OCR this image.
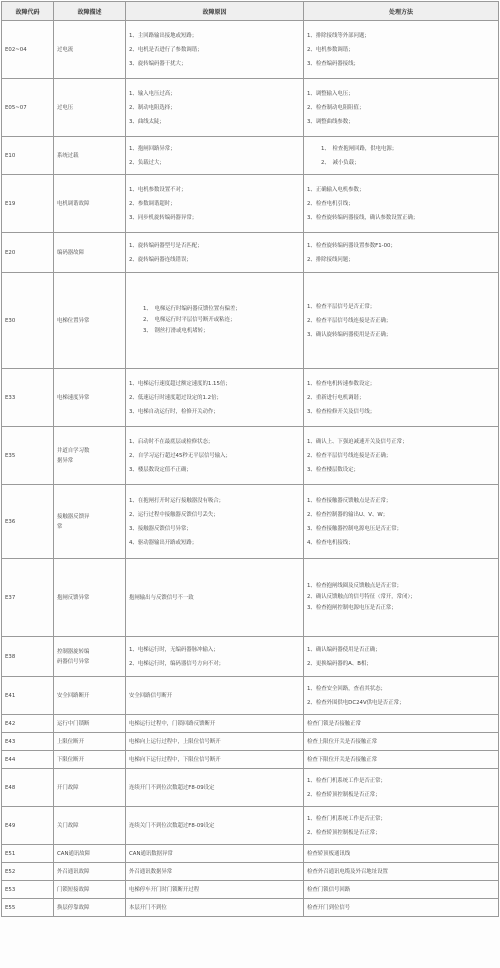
故障代码	故障描述	故障原因	处理方法
E02~04	过电流	1、主回路输出接地或短路；
2、电机是否进行了参数调谐；
3、旋转编码器干扰大；	1、排除接线等外部问题；
2、电机参数调谐；
3、检查编码器接线；

E05~07	过电压	1、输入电压过高；
2、制动电阻选择；
3、曲线太陡；	1、调整输入电压；
2、检查制动电阻阻值；
3、调整曲线参数；

E10	系统过载	1、抱闸回路异常；
2、负载过大；	1、　检查抱闸回路，供电电源；
2、　减小负载；

E19	电机调谐故障	1、电机参数设置不对；
2、参数调谐超时；
3、同步机旋转编码器异常；	1、正确输入电机参数；
2、检查电机引线；
3、检查旋转编码器接线，确认参数设置正确；

E20	编码器故障	1、旋转编码器型号是否匹配；
2、旋转编码器连线错误；	1、检查旋转编码器设置参数F1-00；
2、排除接线问题；

E30	电梯位置异常	1、　电梯运行时编码器反馈位置有偏差；
2、　电梯运行时平层信号断开或粘连；
3、　钢丝打滑或电机堵转；	1、检查平层信号是否正常；
2、检查平层信号线连接是否正确；
3、确认旋转编码器使用是否正确；

E33	电梯速度异常	1、电梯运行速度超过额定速度的1.15倍；
2、低速运行时速度超过设定的1.2倍；
3、电梯自动运行时，检修开关动作；	1、检查电机转速参数设定；
2、重新进行电机调谐；
3、检查检修开关及信号线；

E35	井道自学习数
据异常	1、启动时不在最底层或检修状态；
2、自学习运行超过45秒无平层信号输入；
3、楼层数设定值不正确；	1、确认上、下强迫减速开关及信号正常；
2、检查平层信号线连接是否正确；
3、检查楼层数设定；

E36	接触器反馈异
常	1、在抱闸打开时运行接触器没有吸合；
2、运行过程中接触器反馈信号丢失；
3、接触器反馈信号异常；
4、驱动器输出开路或短路；	1、检查接触器反馈触点是否正常；
2、检查控制器的输出U、V、W；
3、检查接触器控制电源电压是否正常；
4、检查电机接线；

E37	抱闸反馈异常	抱闸输出与反馈信号不一致	1、检查抱闸线圈及反馈触点是否正常；
2、确认反馈触点的信号特征（常开，常闭）；
3、检查抱闸控制电源电压是否正常；

E38	控制器旋转编
码器信号异常	1、电梯运行时，无编码器脉冲输入；
2、电梯运行时，编码器信号方向不对；	1、确认编码器使用是否正确；
2、更换编码器的A、B相；

E41	安全回路断开	安全回路信号断开	1、检查安全回路，查看其状态；
2、检查外围供电DC24V供电是否正常；

E42	运行中门锁断	电梯运行过程中，门锁回路反馈断开	检查门锁是否接触正常

E43	上限位断开	电梯向上运行过程中，上限位信号断开	检查上限位开关是否接触正常

E44	下限位断开	电梯向下运行过程中，下限位信号断开	检查下限位开关是否接触正常

E48	开门故障	连续开门不到位次数超过F8-09设定	1、检查门机系统工作是否正常；
2、检查轿顶控制板是否正常；

E49	关门故障	连续关门不到位次数超过F8-09设定	1、检查门机系统工作是否正常；
2、检查轿顶控制板是否正常；

E51	CAN通讯故障	CAN通讯数据异常	检查轿顶板通讯线

E52	外召通讯故障	外召通讯数据异常	检查外召通讯电缆及外召地址设置

E53	门锁短接故障	电梯停车开门时门锁断开过程	检查门锁信号回路

E55	换层停靠故障	本层开门不到位	检查开门到位信号
